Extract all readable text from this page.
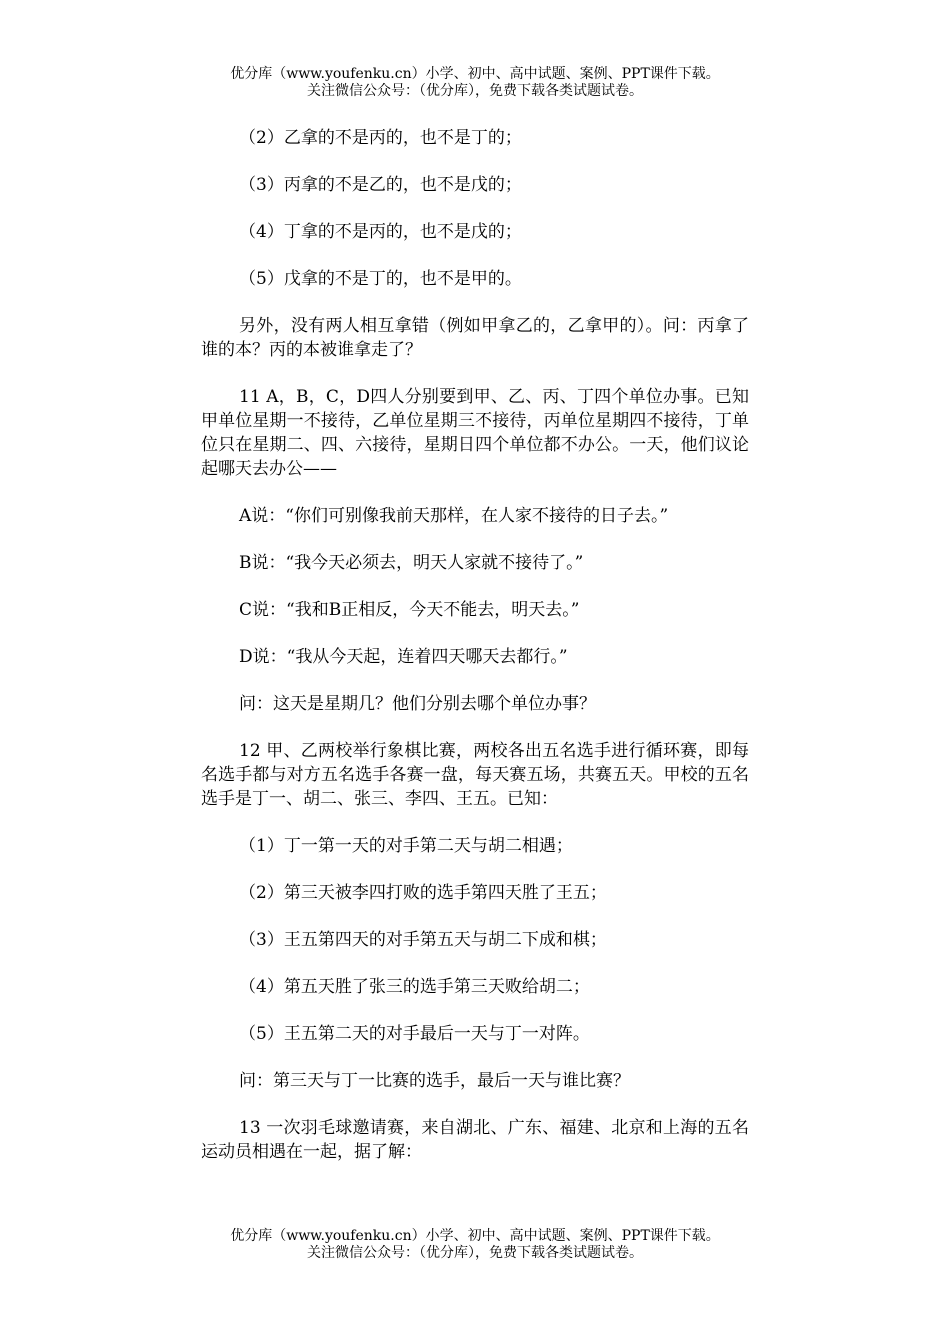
优分库（www.youfenku.cn）小学、初中、高中试题、案例、PPT课件下载。
关注微信公众号：（优分库），免费下载各类试题试卷。

（2）乙拿的不是丙的，也不是丁的；

（3）丙拿的不是乙的，也不是戊的；

（4）丁拿的不是丙的，也不是戊的；

（5）戊拿的不是丁的，也不是甲的。

另外，没有两人相互拿错（例如甲拿乙的，乙拿甲的）。问：丙拿了谁的本？丙的本被谁拿走了？

11 A，B，C，D四人分别要到甲、乙、丙、丁四个单位办事。已知甲单位星期一不接待，乙单位星期三不接待，丙单位星期四不接待，丁单位只在星期二、四、六接待，星期日四个单位都不办公。一天，他们议论起哪天去办公——

A说：“你们可别像我前天那样，在人家不接待的日子去。”

B说：“我今天必须去，明天人家就不接待了。”

C说：“我和B正相反，今天不能去，明天去。”

D说：“我从今天起，连着四天哪天去都行。”

问：这天是星期几？他们分别去哪个单位办事？

12 甲、乙两校举行象棋比赛，两校各出五名选手进行循环赛，即每名选手都与对方五名选手各赛一盘，每天赛五场，共赛五天。甲校的五名选手是丁一、胡二、张三、李四、王五。已知：

（1）丁一第一天的对手第二天与胡二相遇；

（2）第三天被李四打败的选手第四天胜了王五；

（3）王五第四天的对手第五天与胡二下成和棋；

（4）第五天胜了张三的选手第三天败给胡二；

（5）王五第二天的对手最后一天与丁一对阵。

问：第三天与丁一比赛的选手，最后一天与谁比赛？

13 一次羽毛球邀请赛，来自湖北、广东、福建、北京和上海的五名运动员相遇在一起，据了解：

优分库（www.youfenku.cn）小学、初中、高中试题、案例、PPT课件下载。
关注微信公众号：（优分库），免费下载各类试题试卷。
